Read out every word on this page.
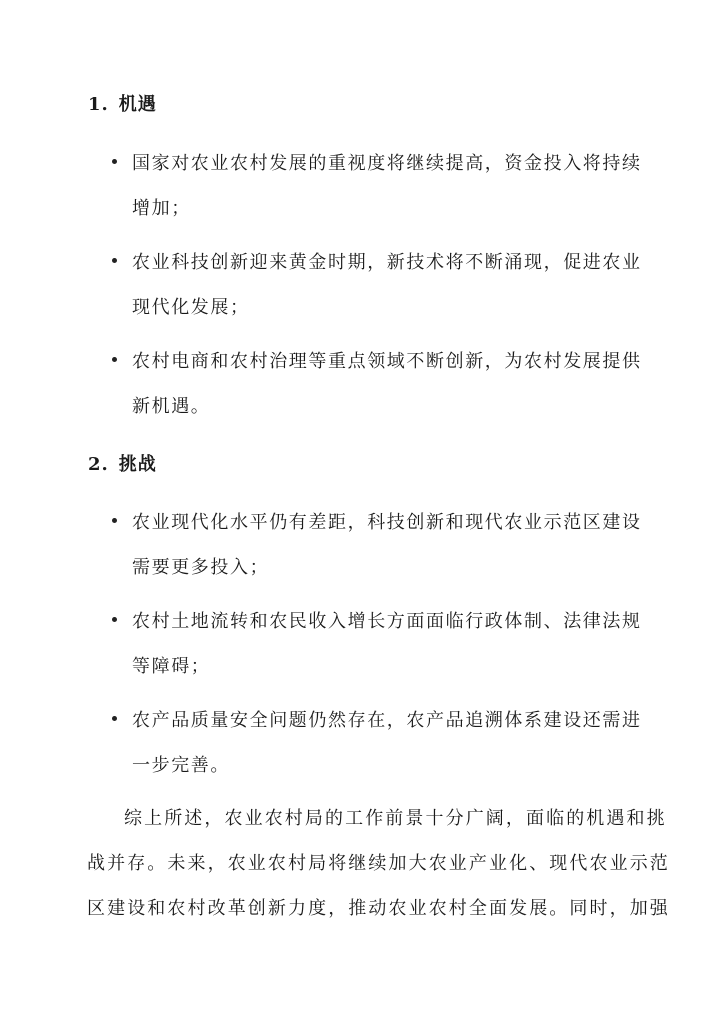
1. 机遇
国家对农业农村发展的重视度将继续提高，资金投入将持续
增加；
农业科技创新迎来黄金时期，新技术将不断涌现，促进农业
现代化发展；
农村电商和农村治理等重点领域不断创新，为农村发展提供
新机遇。
2. 挑战
农业现代化水平仍有差距，科技创新和现代农业示范区建设
需要更多投入；
农村土地流转和农民收入增长方面面临行政体制、法律法规
等障碍；
农产品质量安全问题仍然存在，农产品追溯体系建设还需进
一步完善。
综上所述，农业农村局的工作前景十分广阔，面临的机遇和挑
战并存。未来，农业农村局将继续加大农业产业化、现代农业示范
区建设和农村改革创新力度，推动农业农村全面发展。同时，加强
